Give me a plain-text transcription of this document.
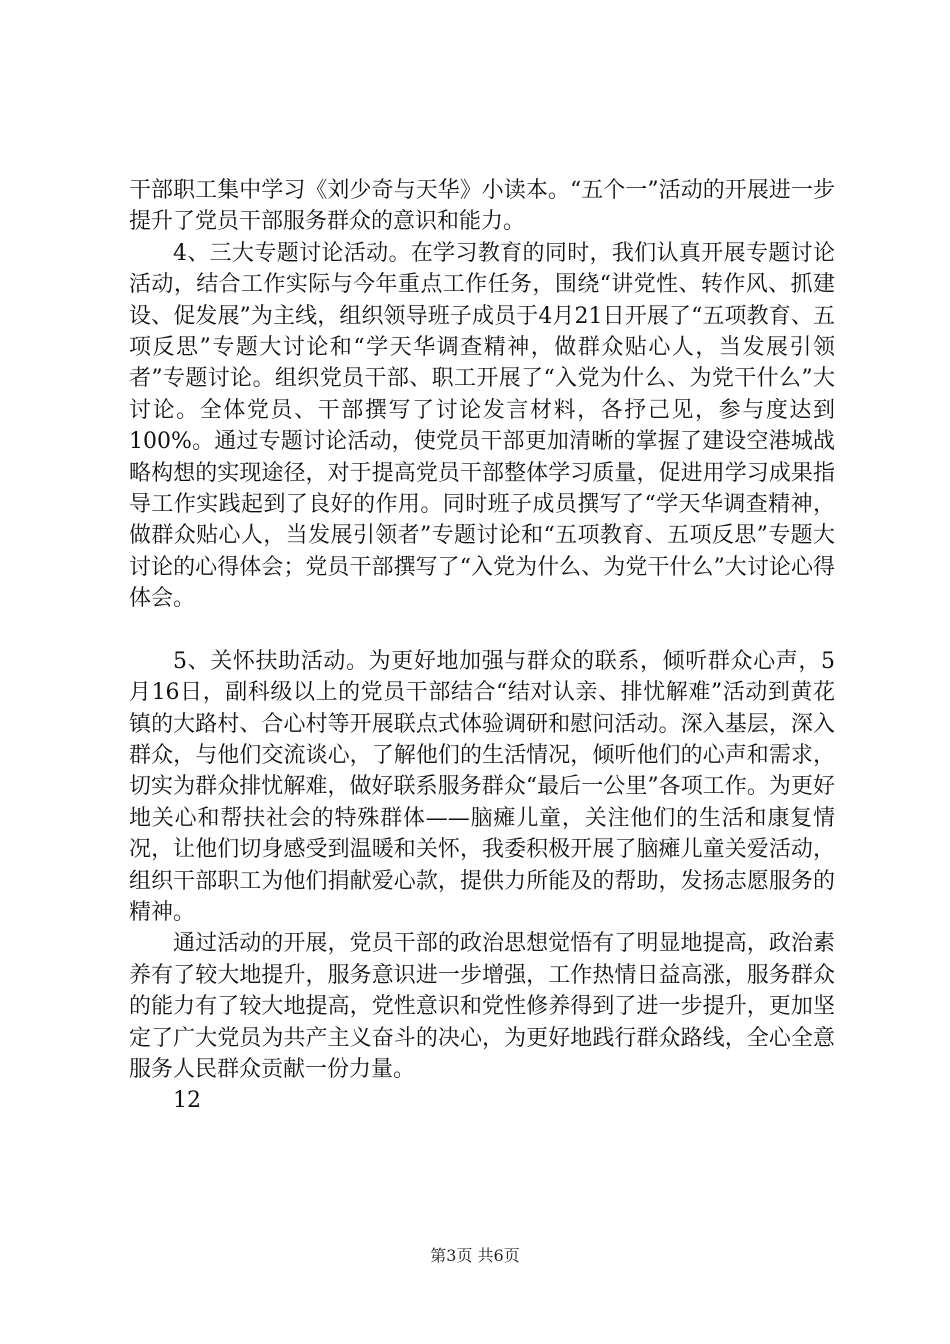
干部职工集中学习《刘少奇与天华》小读本。“五个一”活动的开展进一步提升了党员干部服务群众的意识和能力。

4、三大专题讨论活动。在学习教育的同时，我们认真开展专题讨论活动，结合工作实际与今年重点工作任务，围绕“讲党性、转作风、抓建设、促发展”为主线，组织领导班子成员于4月21日开展了“五项教育、五项反思”专题大讨论和“学天华调查精神，做群众贴心人，当发展引领者”专题讨论。组织党员干部、职工开展了“入党为什么、为党干什么”大讨论。全体党员、干部撰写了讨论发言材料，各抒己见，参与度达到100%。通过专题讨论活动，使党员干部更加清晰的掌握了建设空港城战略构想的实现途径，对于提高党员干部整体学习质量，促进用学习成果指导工作实践起到了良好的作用。同时班子成员撰写了“学天华调查精神，做群众贴心人，当发展引领者”专题讨论和“五项教育、五项反思”专题大讨论的心得体会；党员干部撰写了“入党为什么、为党干什么”大讨论心得体会。

5、关怀扶助活动。为更好地加强与群众的联系，倾听群众心声，5月16日，副科级以上的党员干部结合“结对认亲、排忧解难”活动到黄花镇的大路村、合心村等开展联点式体验调研和慰问活动。深入基层，深入群众，与他们交流谈心，了解他们的生活情况，倾听他们的心声和需求，切实为群众排忧解难，做好联系服务群众“最后一公里”各项工作。为更好地关心和帮扶社会的特殊群体——脑瘫儿童，关注他们的生活和康复情况，让他们切身感受到温暖和关怀，我委积极开展了脑瘫儿童关爱活动，组织干部职工为他们捐献爱心款，提供力所能及的帮助，发扬志愿服务的精神。

通过活动的开展，党员干部的政治思想觉悟有了明显地提高，政治素养有了较大地提升，服务意识进一步增强，工作热情日益高涨，服务群众的能力有了较大地提高，党性意识和党性修养得到了进一步提升，更加坚定了广大党员为共产主义奋斗的决心，为更好地践行群众路线，全心全意服务人民群众贡献一份力量。

12

第3页 共6页
